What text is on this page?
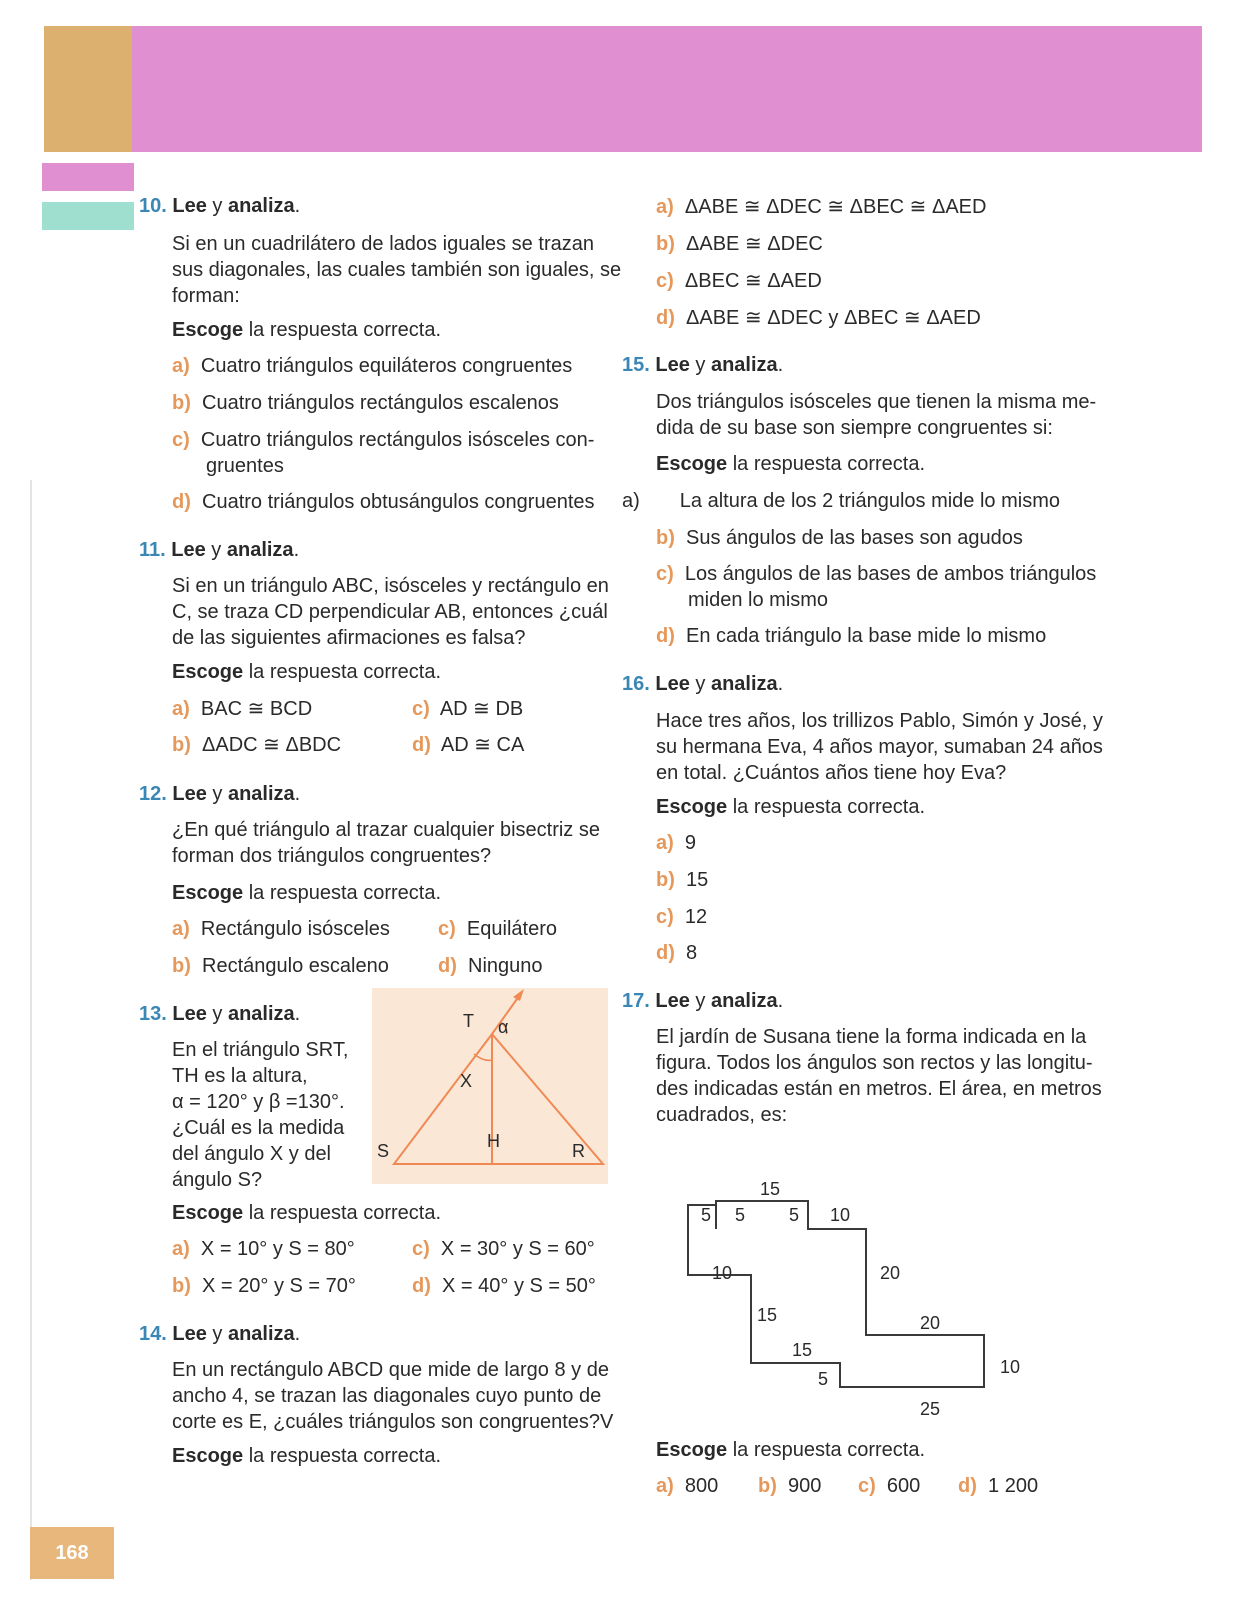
168
10. Lee y analiza.
Si en un cuadrilátero de lados iguales se trazan
sus diagonales, las cuales también son iguales, se
forman:
Escoge la respuesta correcta.
a) Cuatro triángulos equiláteros congruentes
b) Cuatro triángulos rectángulos escalenos
c) Cuatro triángulos rectángulos isósceles con-
gruentes
d) Cuatro triángulos obtusángulos congruentes
11. Lee y analiza.
Si en un triángulo ABC, isósceles y rectángulo en
C, se traza CD perpendicular AB, entonces ¿cuál
de las siguientes afirmaciones es falsa?
Escoge la respuesta correcta.
a) BAC ≅ BCD	c) AD ≅ DB
b) ΔADC ≅ ΔBDC	d) AD ≅ CA
12. Lee y analiza.
¿En qué triángulo al trazar cualquier bisectriz se
forman dos triángulos congruentes?
Escoge la respuesta correcta.
a) Rectángulo isósceles c) Equilátero
b) Rectángulo escaleno d) Ninguno
13. Lee y analiza.
En el triángulo SRT,
TH es la altura,
α = 120° y β =130°.
¿Cuál es la medida
del ángulo X y del
ángulo S?
T α
X
H
S	R
Escoge la respuesta correcta.
a) X = 10° y S = 80°	c) X = 30° y S = 60°
b) X = 20° y S = 70°	d) X = 40° y S = 50°
14. Lee y analiza.
En un rectángulo ABCD que mide de largo 8 y de
ancho 4, se trazan las diagonales cuyo punto de
corte es E, ¿cuáles triángulos son congruentes?V
Escoge la respuesta correcta.
a) ΔABE ≅ ΔDEC ≅ ΔBEC ≅ ΔAED
b) ΔABE ≅ ΔDEC
c) ΔBEC ≅ ΔAED
d) ΔABE ≅ ΔDEC y ΔBEC ≅ ΔAED
15. Lee y analiza.
Dos triángulos isósceles que tienen la misma me-
dida de su base son siempre congruentes si:
Escoge la respuesta correcta.
a) La altura de los 2 triángulos mide lo mismo
b) Sus ángulos de las bases son agudos
c) Los ángulos de las bases de ambos triángulos
miden lo mismo
d) En cada triángulo la base mide lo mismo
16. Lee y analiza.
Hace tres años, los trillizos Pablo, Simón y José, y
su hermana Eva, 4 años mayor, sumaban 24 años
en total. ¿Cuántos años tiene hoy Eva?
Escoge la respuesta correcta.
a) 9
b) 15
c) 12
d) 8
17. Lee y analiza.
El jardín de Susana tiene la forma indicada en la
figura. Todos los ángulos son rectos y las longitu-
des indicadas están en metros. El área, en metros
cuadrados, es:
15
5 5 5 10
10	20
15	20
15
5
10
25
Escoge la respuesta correcta.
a) 800 b) 900 c) 600 d) 1 200
